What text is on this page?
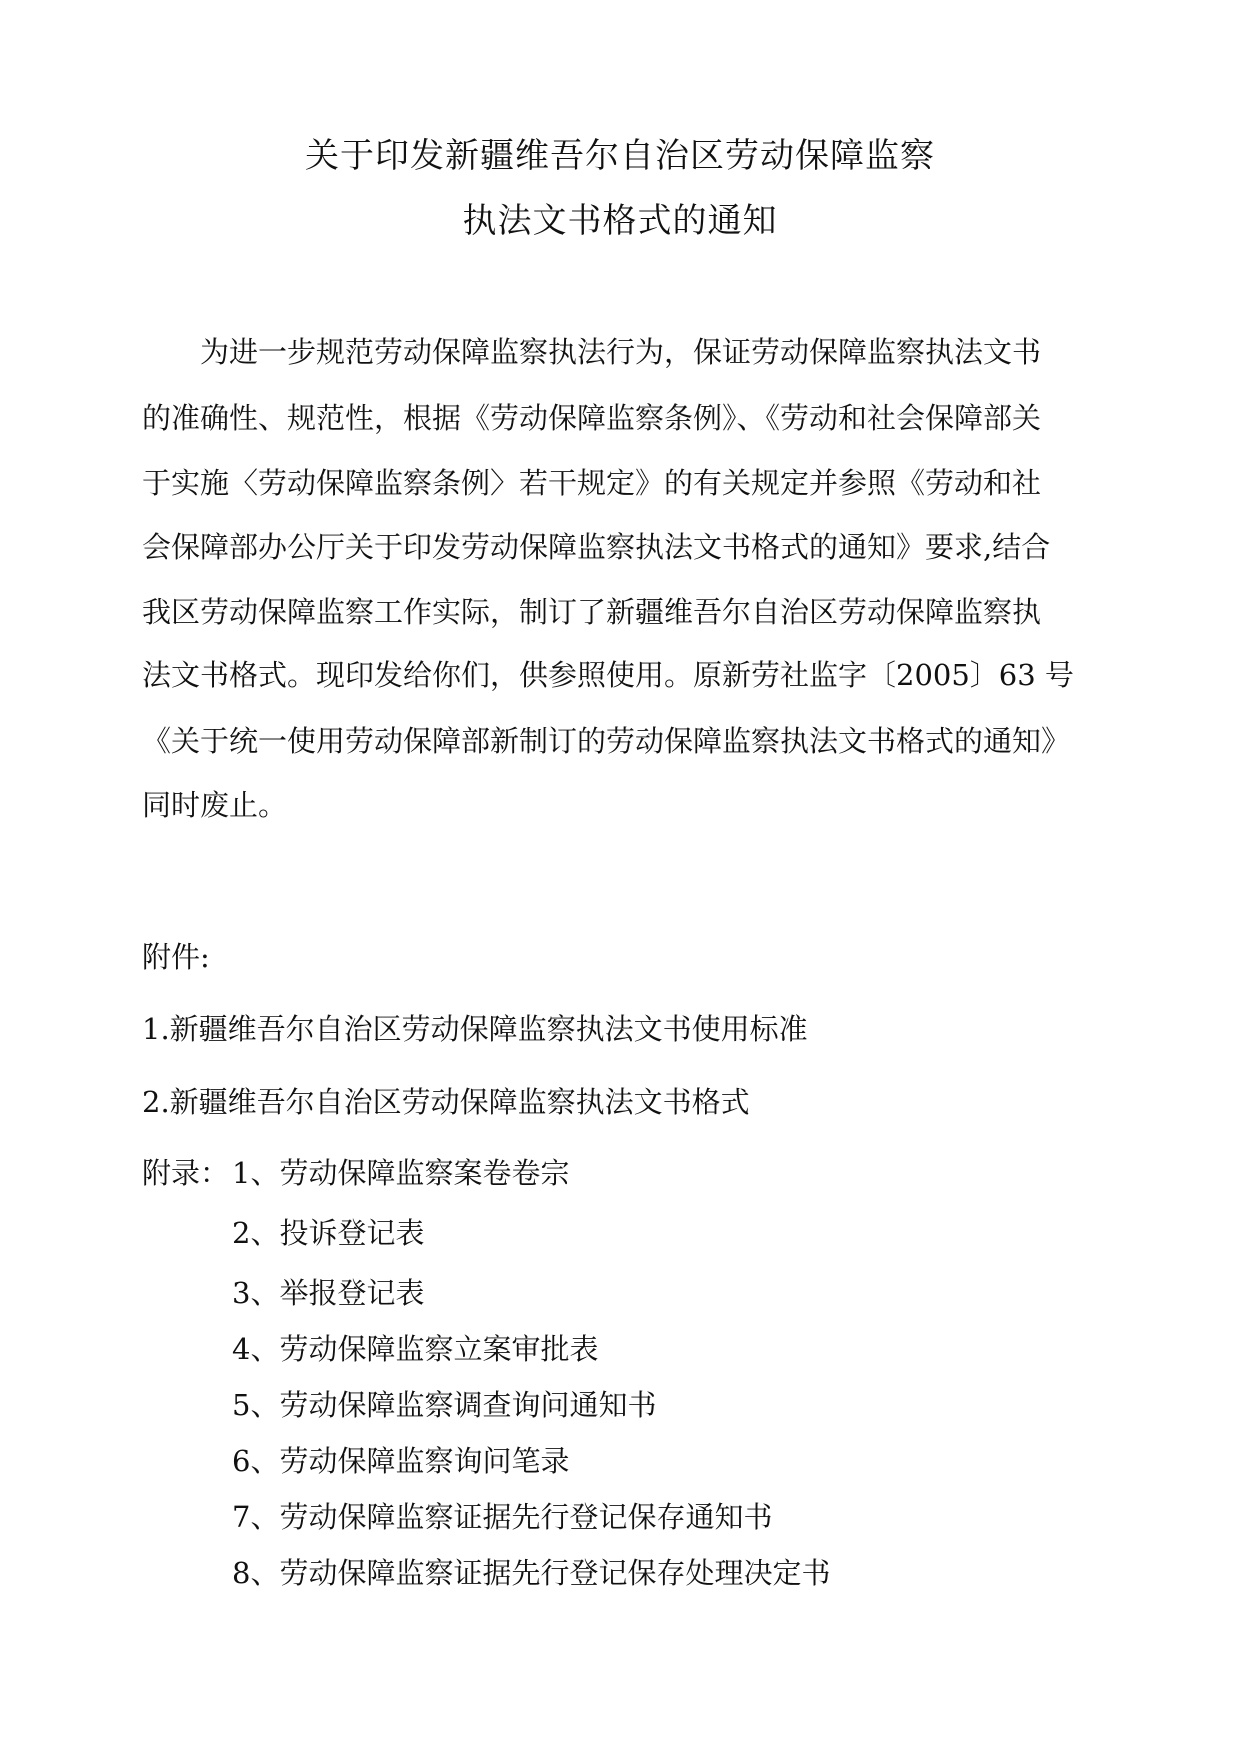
关于印发新疆维吾尔自治区劳动保障监察
执法文书格式的通知
　　为进一步规范劳动保障监察执法行为，保证劳动保障监察执法文书
的准确性、规范性，根据《劳动保障监察条例》、《劳动和社会保障部关
于实施〈劳动保障监察条例〉若干规定》的有关规定并参照《劳动和社
会保障部办公厅关于印发劳动保障监察执法文书格式的通知》要求,结合
我区劳动保障监察工作实际，制订了新疆维吾尔自治区劳动保障监察执
法文书格式。现印发给你们，供参照使用。原新劳社监字〔2005〕63 号
《关于统一使用劳动保障部新制订的劳动保障监察执法文书格式的通知》
同时废止。
附件:
1.新疆维吾尔自治区劳动保障监察执法文书使用标准
2.新疆维吾尔自治区劳动保障监察执法文书格式
附录： 1、劳动保障监察案卷卷宗
2、投诉登记表
3、举报登记表
4、劳动保障监察立案审批表
5、劳动保障监察调查询问通知书
6、劳动保障监察询问笔录
7、劳动保障监察证据先行登记保存通知书
8、劳动保障监察证据先行登记保存处理决定书
